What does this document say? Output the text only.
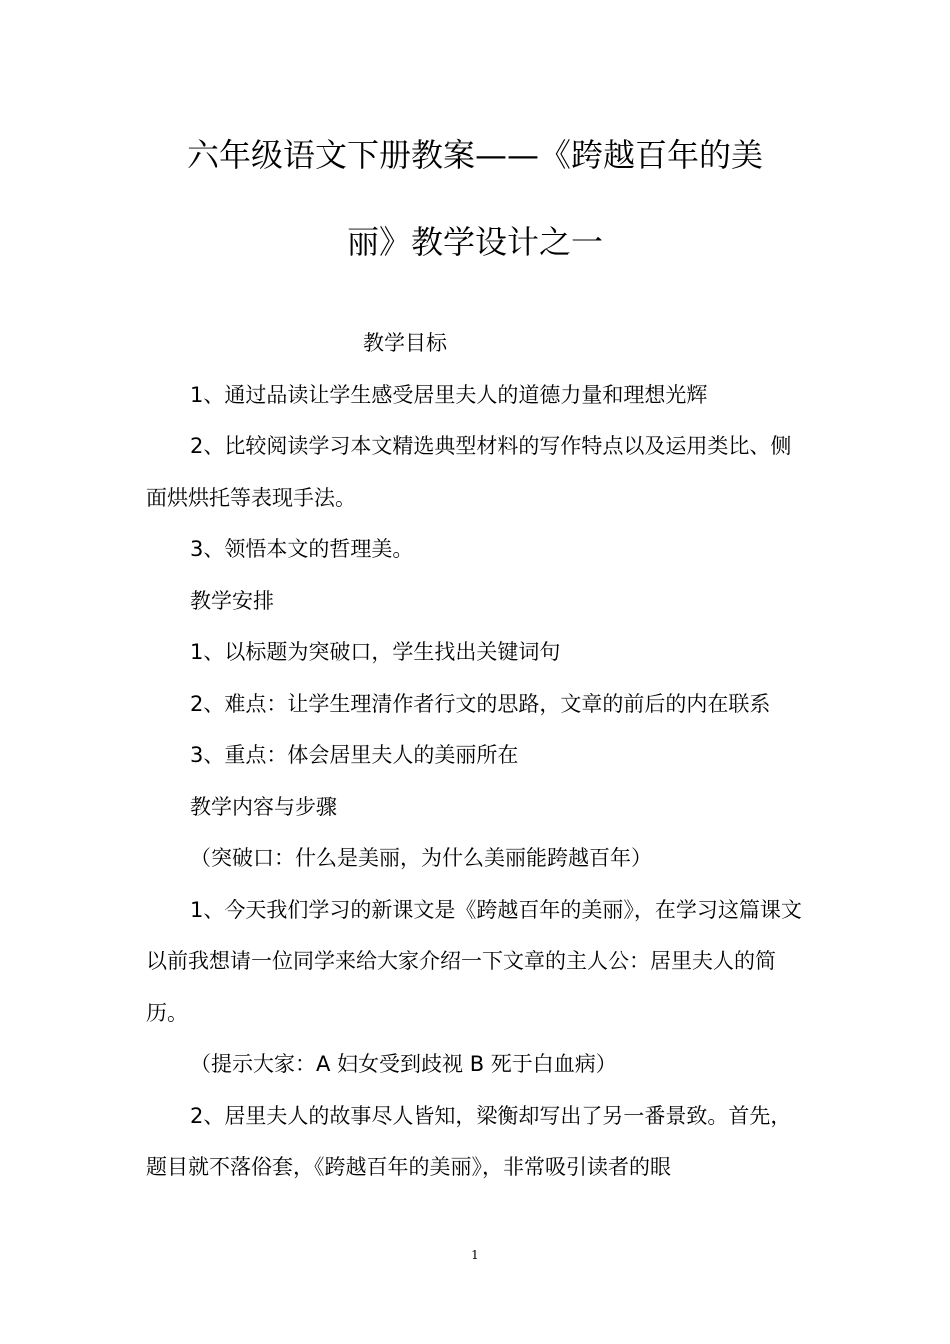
六年级语文下册教案——《跨越百年的美
丽》教学设计之一

教学目标

1、通过品读让学生感受居里夫人的道德力量和理想光辉

2、比较阅读学习本文精选典型材料的写作特点以及运用类比、侧面烘烘托等表现手法。

3、领悟本文的哲理美。

教学安排

1、以标题为突破口，学生找出关键词句

2、难点：让学生理清作者行文的思路，文章的前后的内在联系

3、重点：体会居里夫人的美丽所在

教学内容与步骤

（突破口：什么是美丽，为什么美丽能跨越百年）

1、今天我们学习的新课文是《跨越百年的美丽》，在学习这篇课文以前我想请一位同学来给大家介绍一下文章的主人公：居里夫人的简历。

（提示大家：A 妇女受到歧视 B 死于白血病）

2、居里夫人的故事尽人皆知，梁衡却写出了另一番景致。首先，题目就不落俗套，《跨越百年的美丽》，非常吸引读者的眼

1
